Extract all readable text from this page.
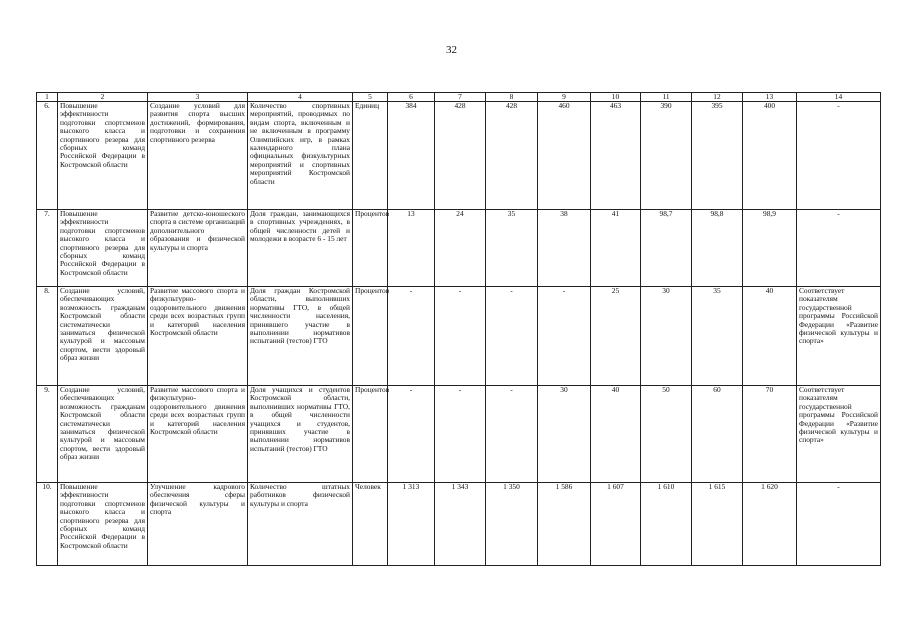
32
1	2	3	4	5	6	7	8	9	10	11	12	13	14
6.	Повышение эффективности подготовки спортсменов высокого класса и спортивного резерва для сборных команд Российской Федерации в Костромской области	Создание условий для развития спорта высших достижений, формирования, подготовки и сохранения спортивного резерва	Количество спортивных мероприятий, проводимых по видам спорта, включенным и не включенным в программу Олимпийских игр, в рамках календарного плана официальных физкультурных мероприятий и спортивных мероприятий Костромской области	Единиц	384	428	428	460	463	390	395	400	-
7.	Повышение эффективности подготовки спортсменов высокого класса и спортивного резерва для сборных команд Российской Федерации в Костромской области	Развитие детско-юношеского спорта в системе организаций дополнительного образования и физической культуры и спорта	Доля граждан, занимающихся в спортивных учреждениях, в общей численности детей и молодежи в возрасте 6 - 15 лет	Процентов	13	24	35	38	41	98,7	98,8	98,9	-
8.	Создание условий, обеспечивающих возможность гражданам Костромской области систематически заниматься физической культурой и массовым спортом, вести здоровый образ жизни	Развитие массового спорта и физкультурно-оздоровительного движения среди всех возрастных групп и категорий населения Костромской области	Доля граждан Костромской области, выполнивших нормативы ГТО, в общей численности населения, принявшего участие в выполнении нормативов испытаний (тестов) ГТО	Процентов	-	-	-	-	25	30	35	40	Соответствует показателям государственной программы Российской Федерации «Развитие физической культуры и спорта»
9.	Создание условий, обеспечивающих возможность гражданам Костромской области систематически заниматься физической культурой и массовым спортом, вести здоровый образ жизни	Развитие массового спорта и физкультурно-оздоровительного движения среди всех возрастных групп и категорий населения Костромской области	Доля учащихся и студентов Костромской области, выполнивших нормативы ГТО, в общей численности учащихся и студентов, принявших участие в выполнении нормативов испытаний (тестов) ГТО	Процентов	-	-	-	30	40	50	60	70	Соответствует показателям государственной программы Российской Федерации «Развитие физической культуры и спорта»
10.	Повышение эффективности подготовки спортсменов высокого класса и спортивного резерва для сборных команд Российской Федерации в Костромской области	Улучшение кадрового обеспечения сферы физической культуры и спорта	Количество штатных работников физической культуры и спорта	Человек	1 313	1 343	1 350	1 586	1 607	1 610	1 615	1 620	-
